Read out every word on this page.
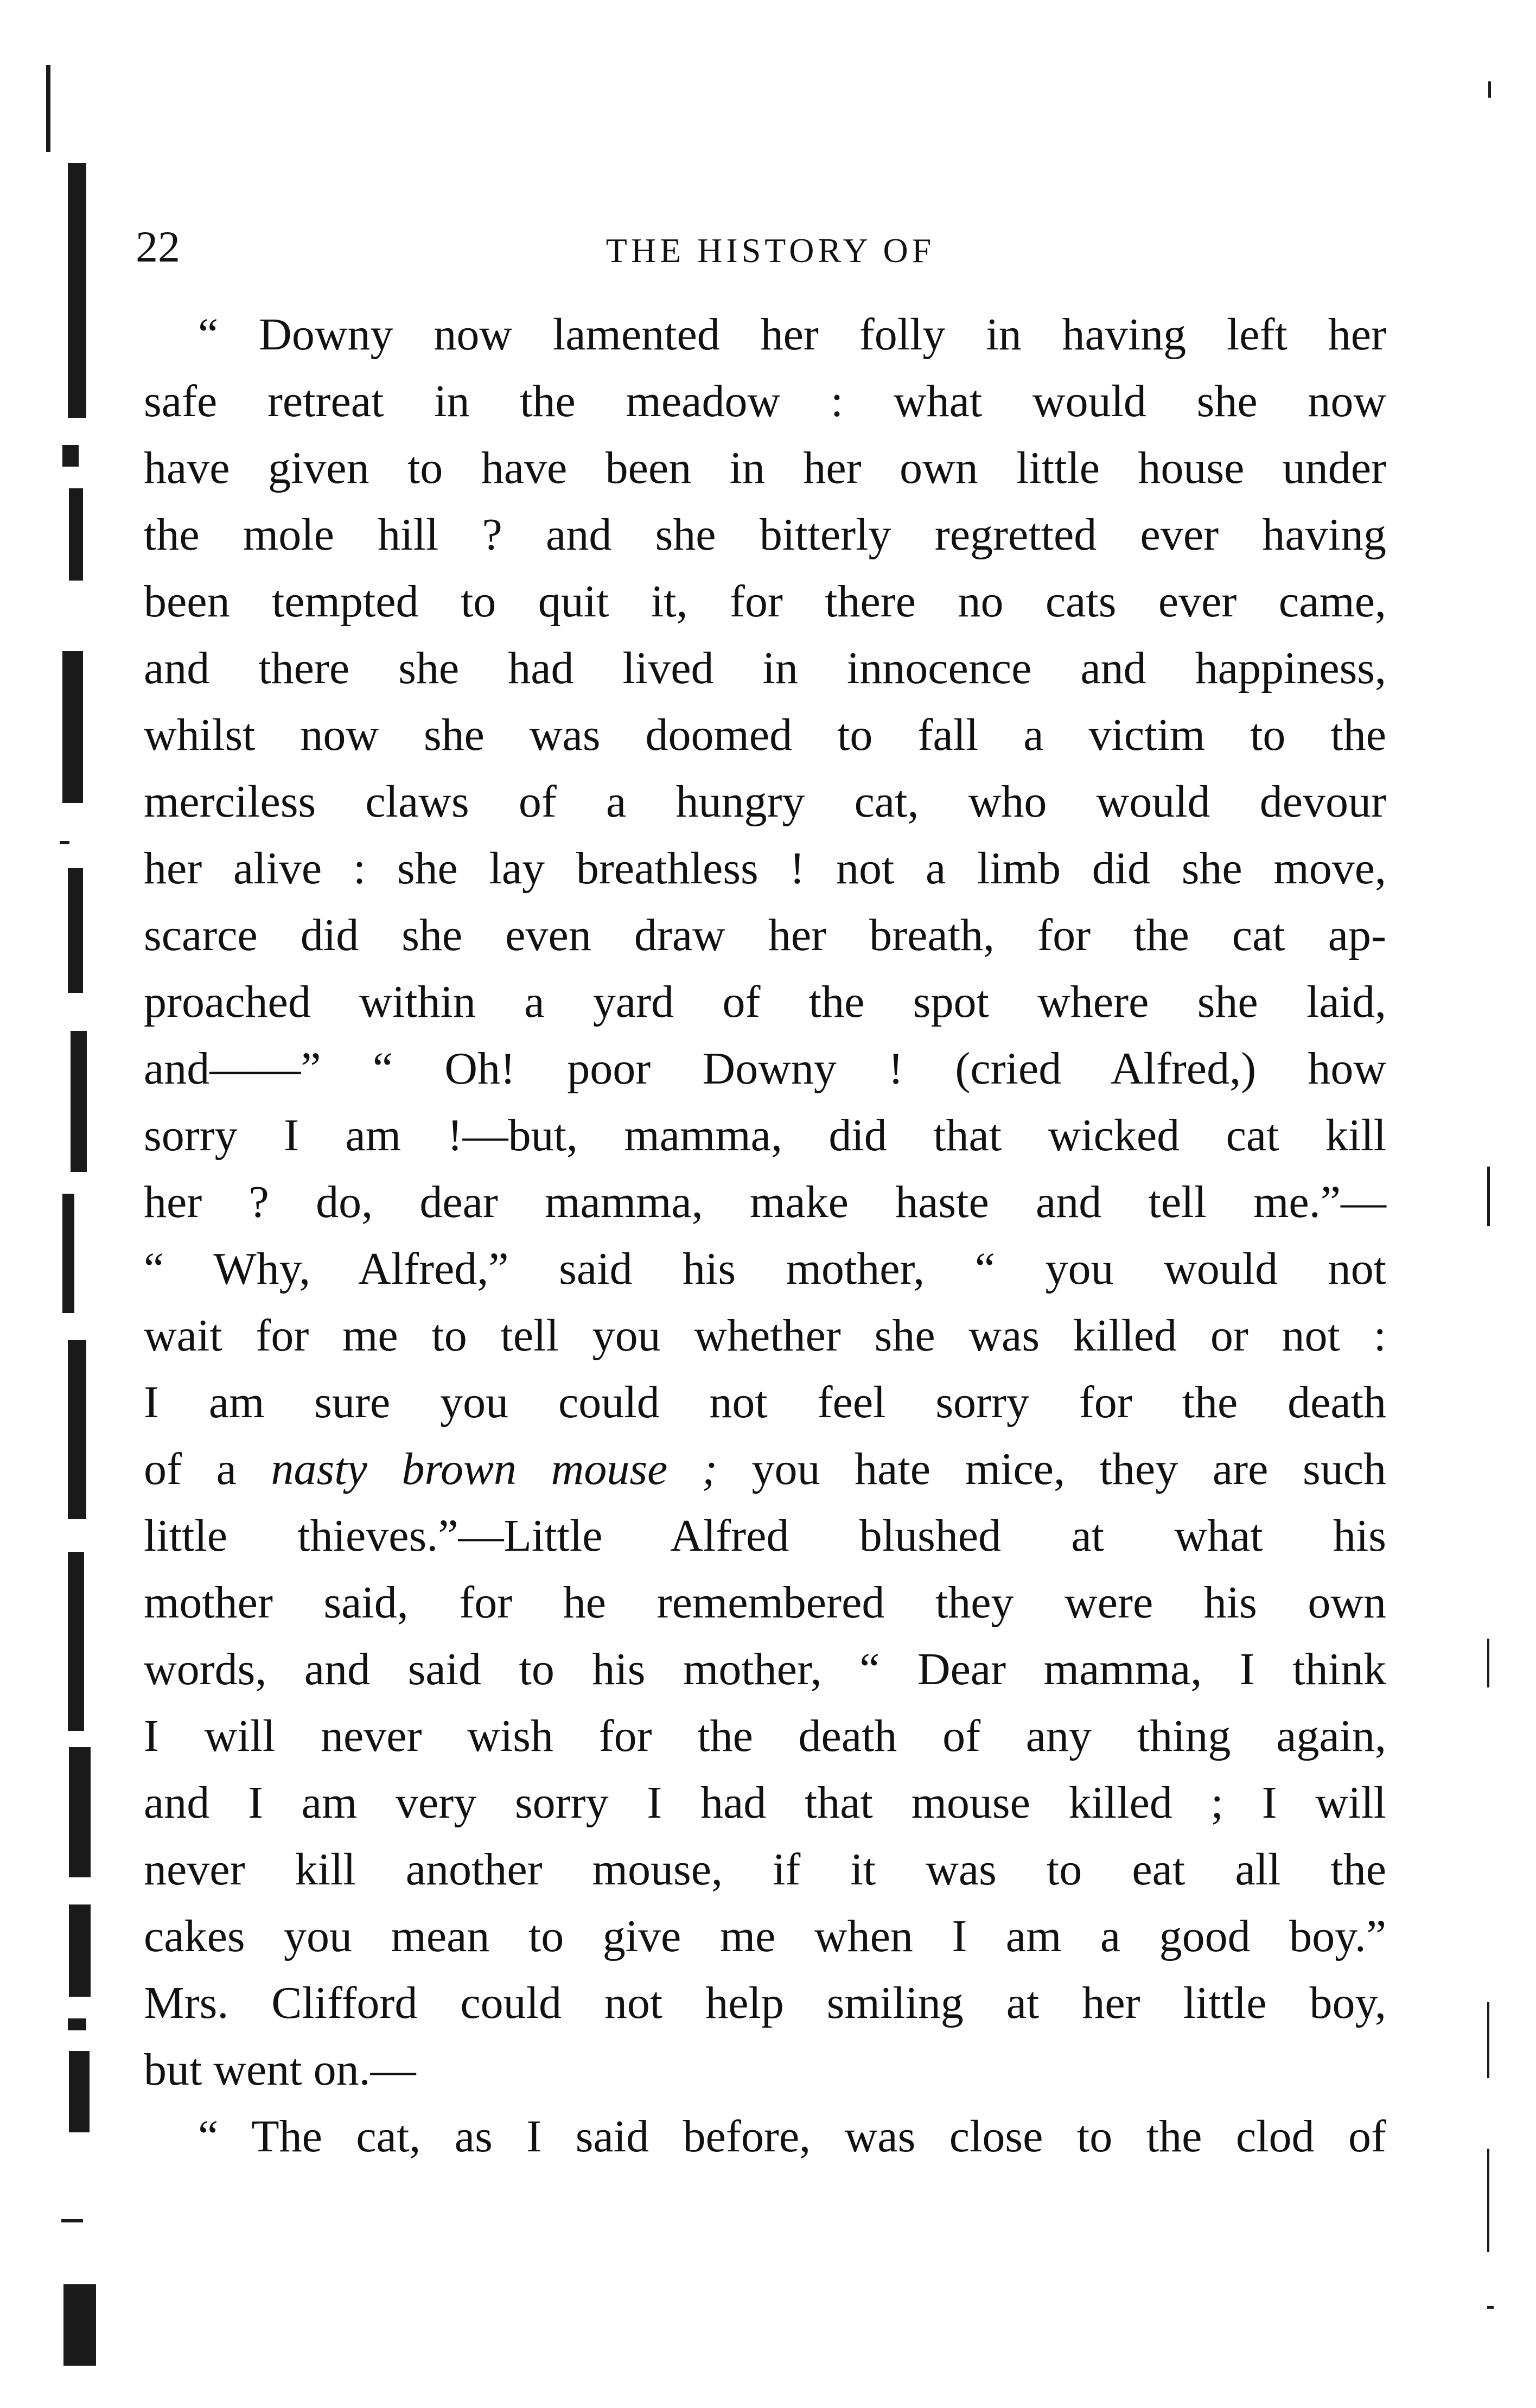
22	THE HISTORY OF
“ Downy now lamented her folly in having left her
safe retreat in the meadow : what would she now
have given to have been in her own little house under
the mole hill ? and she bitterly regretted ever having
been tempted to quit it, for there no cats ever came,
and there she had lived in innocence and happiness,
whilst now she was doomed to fall a victim to the
merciless claws of a hungry cat, who would devour
her alive : she lay breathless ! not a limb did she move,
scarce did she even draw her breath, for the cat ap-
proached within a yard of the spot where she laid,
and——” “ Oh! poor Downy ! (cried Alfred,) how
sorry I am !—but, mamma, did that wicked cat kill
her ? do, dear mamma, make haste and tell me.”—
“ Why, Alfred,” said his mother, “ you would not
wait for me to tell you whether she was killed or not :
I am sure you could not feel sorry for the death
of a nasty brown mouse ; you hate mice, they are such
little thieves.”—Little Alfred blushed at what his
mother said, for he remembered they were his own
words, and said to his mother, “ Dear mamma, I think
I will never wish for the death of any thing again,
and I am very sorry I had that mouse killed ; I will
never kill another mouse, if it was to eat all the
cakes you mean to give me when I am a good boy.”
Mrs. Clifford could not help smiling at her little boy,
but went on.—
“ The cat, as I said before, was close to the clod of
